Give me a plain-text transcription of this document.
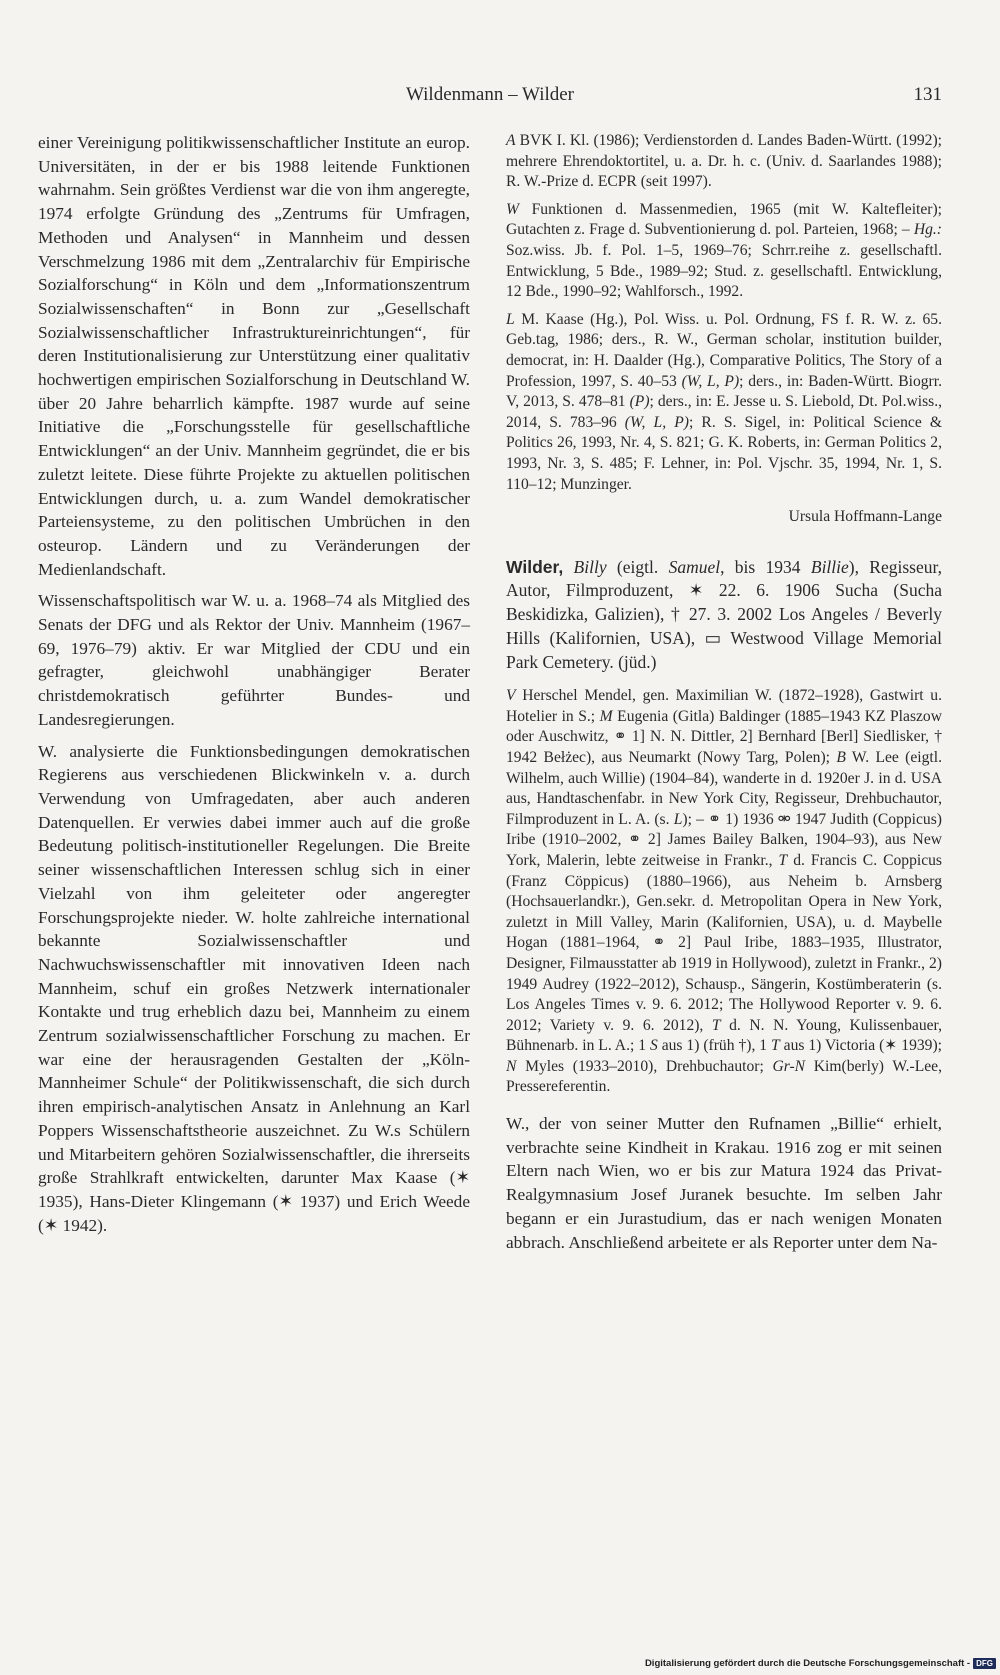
Wildenmann – Wilder	131

einer Vereinigung politikwissenschaftlicher Institute an europ. Universitäten, in der er bis 1988 leitende Funktionen wahrnahm. Sein größtes Verdienst war die von ihm angeregte, 1974 erfolgte Gründung des „Zentrums für Umfragen, Methoden und Analysen“ in Mannheim und dessen Verschmelzung 1986 mit dem „Zentralarchiv für Empirische Sozialforschung“ in Köln und dem „Informationszentrum Sozialwissenschaften“ in Bonn zur „Gesellschaft Sozialwissenschaftlicher Infrastruktureinrichtungen“, für deren Institutionalisierung zur Unterstützung einer qualitativ hochwertigen empirischen Sozialforschung in Deutschland W. über 20 Jahre beharrlich kämpfte. 1987 wurde auf seine Initiative die „Forschungsstelle für gesellschaftliche Entwicklungen“ an der Univ. Mannheim gegründet, die er bis zuletzt leitete. Diese führte Projekte zu aktuellen politischen Entwicklungen durch, u. a. zum Wandel demokratischer Parteiensysteme, zu den politischen Umbrüchen in den osteurop. Ländern und zu Veränderungen der Medienlandschaft.

Wissenschaftspolitisch war W. u. a. 1968–74 als Mitglied des Senats der DFG und als Rektor der Univ. Mannheim (1967–69, 1976–79) aktiv. Er war Mitglied der CDU und ein gefragter, gleichwohl unabhängiger Berater christdemokratisch geführter Bundes- und Landesregierungen.

W. analysierte die Funktionsbedingungen demokratischen Regierens aus verschiedenen Blickwinkeln v. a. durch Verwendung von Umfragedaten, aber auch anderen Datenquellen. Er verwies dabei immer auch auf die große Bedeutung politisch-institutioneller Regelungen. Die Breite seiner wissenschaftlichen Interessen schlug sich in einer Vielzahl von ihm geleiteter oder angeregter Forschungsprojekte nieder. W. holte zahlreiche international bekannte Sozialwissenschaftler und Nachwuchswissenschaftler mit innovativen Ideen nach Mannheim, schuf ein großes Netzwerk internationaler Kontakte und trug erheblich dazu bei, Mannheim zu einem Zentrum sozialwissenschaftlicher Forschung zu machen. Er war eine der herausragenden Gestalten der „Köln-Mannheimer Schule“ der Politikwissenschaft, die sich durch ihren empirisch-analytischen Ansatz in Anlehnung an Karl Poppers Wissenschaftstheorie auszeichnet. Zu W.s Schülern und Mitarbeitern gehören Sozialwissenschaftler, die ihrerseits große Strahlkraft entwickelten, darunter Max Kaase (✶ 1935), Hans-Dieter Klingemann (✶ 1937) und Erich Weede (✶ 1942).

A BVK I. Kl. (1986); Verdienstorden d. Landes Baden-Württ. (1992); mehrere Ehrendoktortitel, u. a. Dr. h. c. (Univ. d. Saarlandes 1988); R. W.-Prize d. ECPR (seit 1997).

W Funktionen d. Massenmedien, 1965 (mit W. Kaltefleiter); Gutachten z. Frage d. Subventionierung d. pol. Parteien, 1968; – Hg.: Soz.wiss. Jb. f. Pol. 1–5, 1969–76; Schrr.reihe z. gesellschaftl. Entwicklung, 5 Bde., 1989–92; Stud. z. gesellschaftl. Entwicklung, 12 Bde., 1990–92; Wahlforsch., 1992.

L M. Kaase (Hg.), Pol. Wiss. u. Pol. Ordnung, FS f. R. W. z. 65. Geb.tag, 1986; ders., R. W., German scholar, institution builder, democrat, in: H. Daalder (Hg.), Comparative Politics, The Story of a Profession, 1997, S. 40–53 (W, L, P); ders., in: Baden-Württ. Biogrr. V, 2013, S. 478–81 (P); ders., in: E. Jesse u. S. Liebold, Dt. Pol.wiss., 2014, S. 783–96 (W, L, P); R. S. Sigel, in: Political Science & Politics 26, 1993, Nr. 4, S. 821; G. K. Roberts, in: German Politics 2, 1993, Nr. 3, S. 485; F. Lehner, in: Pol. Vjschr. 35, 1994, Nr. 1, S. 110–12; Munzinger.

Ursula Hoffmann-Lange

Wilder, Billy (eigtl. Samuel, bis 1934 Billie), Regisseur, Autor, Filmproduzent, ✶ 22. 6. 1906 Sucha (Sucha Beskidizka, Galizien), † 27. 3. 2002 Los Angeles / Beverly Hills (Kalifornien, USA), ▭ Westwood Village Memorial Park Cemetery. (jüd.)

V Herschel Mendel, gen. Maximilian W. (1872–1928), Gastwirt u. Hotelier in S.; M Eugenia (Gitla) Baldinger (1885–1943 KZ Plaszow oder Auschwitz, ⚭ 1] N. N. Dittler, 2] Bernhard [Berl] Siedlisker, † 1942 Bełżec), aus Neumarkt (Nowy Targ, Polen); B W. Lee (eigtl. Wilhelm, auch Willie) (1904–84), wanderte in d. 1920er J. in d. USA aus, Handtaschenfabr. in New York City, Regisseur, Drehbuchautor, Filmproduzent in L. A. (s. L); – ⚭ 1) 1936 ⚮ 1947 Judith (Coppicus) Iribe (1910–2002, ⚭ 2] James Bailey Balken, 1904–93), aus New York, Malerin, lebte zeitweise in Frankr., T d. Francis C. Coppicus (Franz Cöppicus) (1880–1966), aus Neheim b. Arnsberg (Hochsauerlandkr.), Gen.sekr. d. Metropolitan Opera in New York, zuletzt in Mill Valley, Marin (Kalifornien, USA), u. d. Maybelle Hogan (1881–1964, ⚭ 2] Paul Iribe, 1883–1935, Illustrator, Designer, Filmausstatter ab 1919 in Hollywood), zuletzt in Frankr., 2) 1949 Audrey (1922–2012), Schausp., Sängerin, Kostümberaterin (s. Los Angeles Times v. 9. 6. 2012; The Hollywood Reporter v. 9. 6. 2012; Variety v. 9. 6. 2012), T d. N. N. Young, Kulissenbauer, Bühnenarb. in L. A.; 1 S aus 1) (früh †), 1 T aus 1) Victoria (✶ 1939); N Myles (1933–2010), Drehbuchautor; Gr-N Kim(berly) W.-Lee, Pressereferentin.

W., der von seiner Mutter den Rufnamen „Billie“ erhielt, verbrachte seine Kindheit in Krakau. 1916 zog er mit seinen Eltern nach Wien, wo er bis zur Matura 1924 das Privat-Realgymnasium Josef Juranek besuchte. Im selben Jahr begann er ein Jurastudium, das er nach wenigen Monaten abbrach. Anschließend arbeitete er als Reporter unter dem Na-

Digitalisierung gefördert durch die Deutsche Forschungsgemeinschaft - DFG
